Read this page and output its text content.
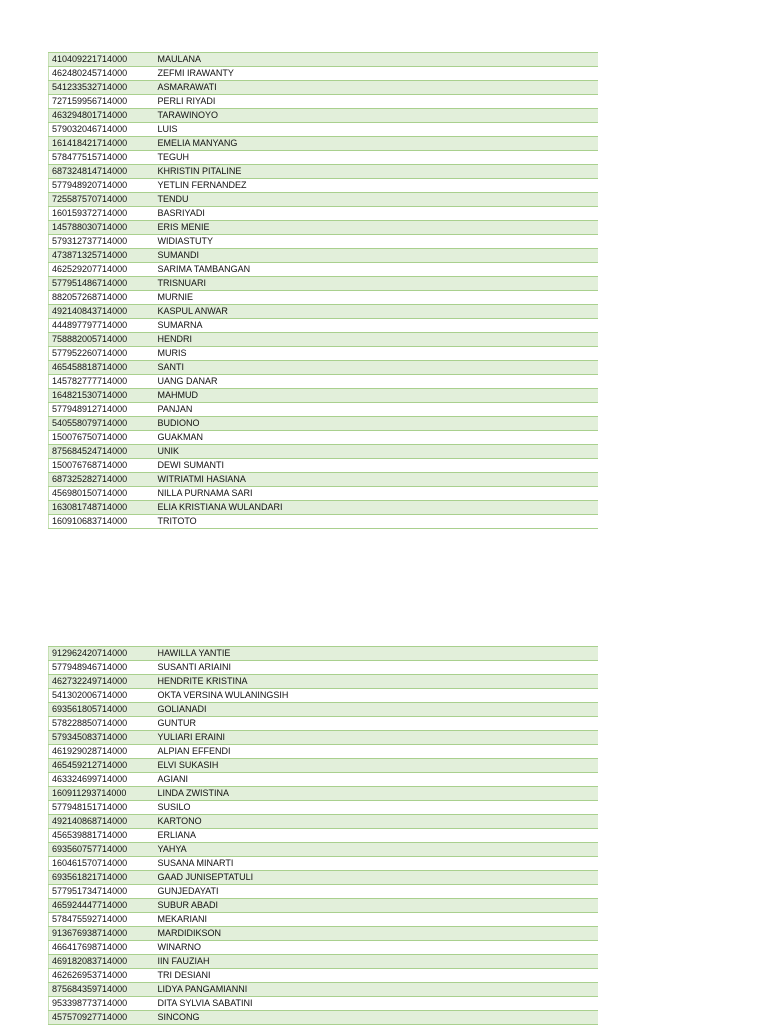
410409221714000	MAULANA
462480245714000	ZEFMI IRAWANTY
541233532714000	ASMARAWATI
727159956714000	PERLI RIYADI
463294801714000	TARAWINOYO
579032046714000	LUIS
161418421714000	EMELIA MANYANG
578477515714000	TEGUH
687324814714000	KHRISTIN PITALINE
577948920714000	YETLIN FERNANDEZ
725587570714000	TENDU
160159372714000	BASRIYADI
145788030714000	ERIS MENIE
579312737714000	WIDIASTUTY
473871325714000	SUMANDI
462529207714000	SARIMA TAMBANGAN
577951486714000	TRISNUARI
882057268714000	MURNIE
492140843714000	KASPUL ANWAR
444897797714000	SUMARNA
758882005714000	HENDRI
577952260714000	MURIS
465458818714000	SANTI
145782777714000	UANG DANAR
164821530714000	MAHMUD
577948912714000	PANJAN
540558079714000	BUDIONO
150076750714000	GUAKMAN
875684524714000	UNIK
150076768714000	DEWI SUMANTI
687325282714000	WITRIATMI HASIANA
456980150714000	NILLA PURNAMA SARI
163081748714000	ELIA KRISTIANA WULANDARI
160910683714000	TRITOTO
912962420714000	HAWILLA YANTIE
577948946714000	SUSANTI ARIAINI
462732249714000	HENDRITE KRISTINA
541302006714000	OKTA VERSINA WULANINGSIH
693561805714000	GOLIANADI
578228850714000	GUNTUR
579345083714000	YULIARI ERAINI
461929028714000	ALPIAN EFFENDI
465459212714000	ELVI SUKASIH
463324699714000	AGIANI
160911293714000	LINDA ZWISTINA
577948151714000	SUSILO
492140868714000	KARTONO
456539881714000	ERLIANA
693560757714000	YAHYA
160461570714000	SUSANA MINARTI
693561821714000	GAAD JUNISEPTATULI
577951734714000	GUNJEDAYATI
465924447714000	SUBUR ABADI
578475592714000	MEKARIANI
913676938714000	MARDIDIKSON
466417698714000	WINARNO
469182083714000	IIN FAUZIAH
462626953714000	TRI DESIANI
875684359714000	LIDYA PANGAMIANNI
953398773714000	DITA SYLVIA SABATINI
457570927714000	SINCONG
